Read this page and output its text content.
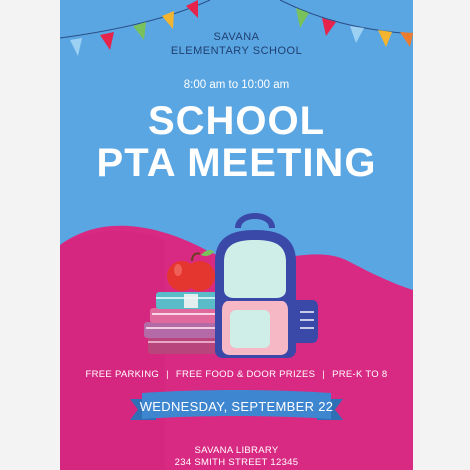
SAVANA
ELEMENTARY SCHOOL

8:00 am to 10:00 am

SCHOOL
PTA MEETING
FREE PARKING | FREE FOOD & DOOR PRIZES | PRE-K TO 8
WEDNESDAY, SEPTEMBER 22

SAVANA LIBRARY
234 SMITH STREET 12345
